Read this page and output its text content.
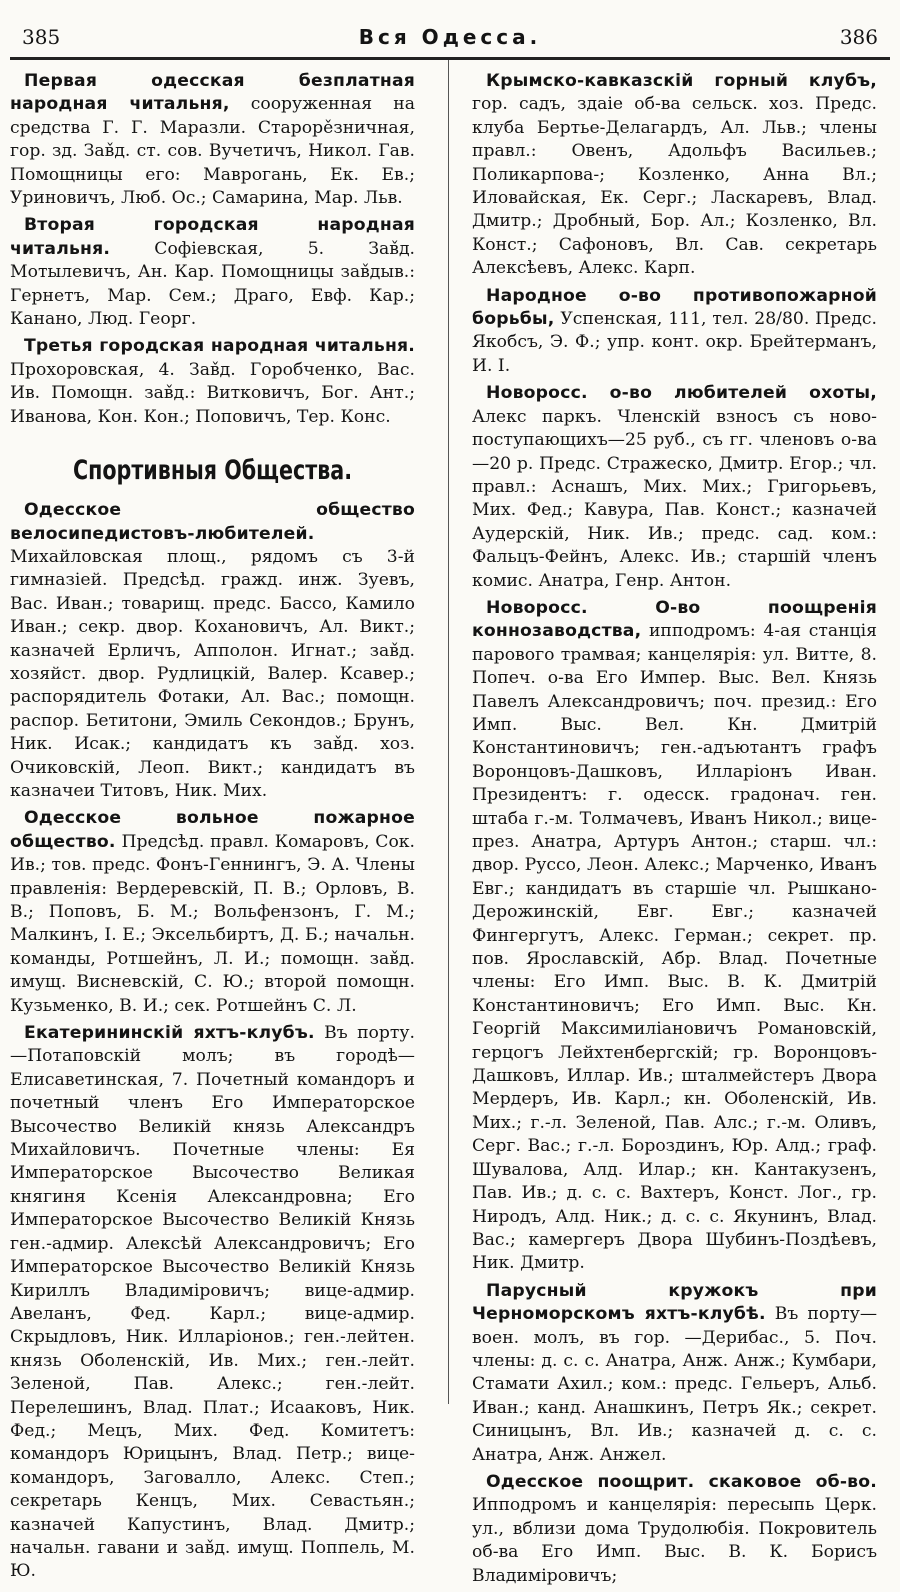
385	Вся Одесса.	386

Первая одесская безплатная народная читальня, сооруженная на средства Г. Г. Маразли. Староре̌зничная, гор. зд. Зав̌д. ст. сов. Вучетичъ, Никол. Гав. Помощницы его: Маврогань, Ек. Ев.; Уриновичъ, Люб. Ос.; Самарина, Мар. Льв.

Вторая городская народная читальня. Софіевская, 5. Зав̌д. Мотылевичъ, Ан. Кар. Помощницы зав̌дыв.: Гернетъ, Мар. Сем.; Драго, Евф. Кар.; Канано, Люд. Георг.

Третья городская народная читальня. Прохоровская, 4. Зав̌д. Горобченко, Вас. Ив. Помощн. зав̌д.: Витковичъ, Бог. Ант.; Иванова, Кон. Кон.; Поповичъ, Тер. Конс.

Спортивныя Общества.

Одесское общество велосипедистовъ-любителей. Михайловская площ., рядомъ съ 3-й гимназіей. Предсѣд. гражд. инж. Зуевъ, Вас. Иван.; товарищ. предс. Бассо, Камило Иван.; секр. двор. Кохановичъ, Ал. Викт.; казначей Ерличъ, Апполон. Игнат.; зав̌д. хозяйст. двор. Рудлицкій, Валер. Ксавер.; распорядитель Фотаки, Ал. Вас.; помощн. распор. Бетитони, Эмиль Секондов.; Брунъ, Ник. Исак.; кандидатъ къ зав̌д. хоз. Очиковскій, Леоп. Викт.; кандидатъ въ казначеи Титовъ, Ник. Мих.

Одесское вольное пожарное общество. Предсѣд. правл. Комаровъ, Сок. Ив.; тов. предс. Фонъ-Геннингъ, Э. А. Члены правленія: Вердеревскій, П. В.; Орловъ, В. В.; Поповъ, Б. М.; Вольфензонъ, Г. М.; Малкинъ, І. Е.; Экcельбиртъ, Д. Б.; начальн. команды, Ротшейнъ, Л. И.; помощн. зав̌д. имущ. Висневскій, С. Ю.; второй помощн. Кузьменко, В. И.; сек. Ротшейнъ С. Л.

Екатерининскій яхтъ-клубъ. Въ порту.—Потаповскій молъ; въ городѣ—Елисаветинская, 7. Почетный командоръ и почетный членъ Его Императорское Высочество Великій князь Александръ Михайловичъ. Почетные члены: Ея Императорское Высочество Великая княгиня Ксенія Александровна; Его Императорское Высочество Великій Князь ген.-адмир. Алексѣй Александровичъ; Его Императорское Высочество Великій Князь Кириллъ Владиміровичъ; вице-адмир. Авеланъ, Фед. Карл.; вице-адмир. Скрыдловъ, Ник. Илларіонов.; ген.-лейтен. князь Оболенскій, Ив. Мих.; ген.-лейт. Зеленой, Пав. Алекс.; ген.-лейт. Перелешинъ, Влад. Плат.; Исааковъ, Ник. Фед.; Мецъ, Мих. Фед. Комитетъ: командоръ Юрицынъ, Влад. Петр.; вице-командоръ, Заговалло, Алекс. Степ.; секретарь Кенцъ, Мих. Севастьян.; казначей Капустинъ, Влад. Дмитр.; начальн. гавани и зав̌д. имущ. Поппель, М. Ю.

Крымско-кавказскій горный клубъ, гор. садъ, здаіе об-ва сельск. хоз. Предс. клуба Бертье-Делагардъ, Ал. Льв.; члены правл.: Овенъ, Адольфъ Васильев.; Поликарпова-; Козленко, Анна Вл.; Иловайская, Ек. Серг.; Ласкаревъ, Влад. Дмитр.; Дробный, Бор. Ал.; Козленко, Вл. Конст.; Сафоновъ, Вл. Сав. секретарь Алексѣевъ, Алекс. Карп.

Народное о-во противопожарной борьбы, Успенская, 111, тел. 28/80. Предс. Якобсъ, Э. Ф.; упр. конт. окр. Брейтерманъ, И. І.

Новоросс. о-во любителей охоты, Алекс паркъ. Членскій взносъ съ ново-поступающихъ—25 руб., съ гг. членовъ о-ва—20 р. Предс. Стражеско, Дмитр. Егор.; чл. правл.: Аснашъ, Мих. Мих.; Григорьевъ, Мих. Фед.; Кавура, Пав. Конст.; казначей Аудерскій, Ник. Ив.; предс. сад. ком.: Фальцъ-Фейнъ, Алекс. Ив.; старшій членъ комис. Анатра, Генр. Антон.

Новоросс. О-во поощренія коннозаводства, ипподромъ: 4-ая станція парового трамвая; канцелярія: ул. Витте, 8. Попеч. о-ва Его Импер. Выс. Вел. Князь Павелъ Александровичъ; поч. презид.: Его Имп. Выс. Вел. Кн. Дмитрій Константиновичъ; ген.-адъютантъ графъ Воронцовъ-Дашковъ, Илларіонъ Иван. Президентъ: г. одесск. градонач. ген. штаба г.-м. Толмачевъ, Иванъ Никол.; вице-през. Анатра, Артуръ Антон.; старш. чл.: двор. Руссо, Леон. Алекс.; Марченко, Иванъ Евг.; кандидатъ въ старшіе чл. Рышкано-Дерожинскій, Евг. Евг.; казначей Фингергутъ, Алекс. Герман.; секрет. пр. пов. Ярославскій, Абр. Влад. Почетные члены: Его Имп. Выс. В. К. Дмитрій Константиновичъ; Его Имп. Выс. Кн. Георгій Максимиліановичъ Романовскій, герцогъ Лейхтенбергскій; гр. Воронцовъ-Дашковъ, Иллар. Ив.; шталмейстеръ Двора Мердеръ, Ив. Карл.; кн. Оболенскій, Ив. Мих.; г.-л. Зеленой, Пав. Алс.; г.-м. Оливъ, Серг. Вас.; г.-л. Бороздинъ, Юр. Алд.; граф. Шувалова, Алд. Илар.; кн. Кантакузенъ, Пав. Ив.; д. с. с. Вахтеръ, Конст. Лог., гр. Ниродъ, Алд. Ник.; д. с. с. Якунинъ, Влад. Вас.; камергеръ Двора Шубинъ-Поздѣевъ, Ник. Дмитр.

Парусный кружокъ при Черноморскомъ яхтъ-клубѣ. Въ порту—воен. молъ, въ гор. —Дерибас., 5. Поч. члены: д. с. с. Анатра, Анж. Анж.; Кумбари, Стамати Ахил.; ком.: предс. Гельеръ, Альб. Иван.; канд. Анашкинъ, Петръ Як.; секрет. Синицынъ, Вл. Ив.; казначей д. с. с. Анатра, Анж. Анжел.

Одесское поощрит. скаковое об-во. Ипподромъ и канцелярія: пересыпь Церк. ул., вблизи дома Трудолюбія. Покровитель об-ва Его Имп. Выс. В. К. Борисъ Владиміровичъ;
